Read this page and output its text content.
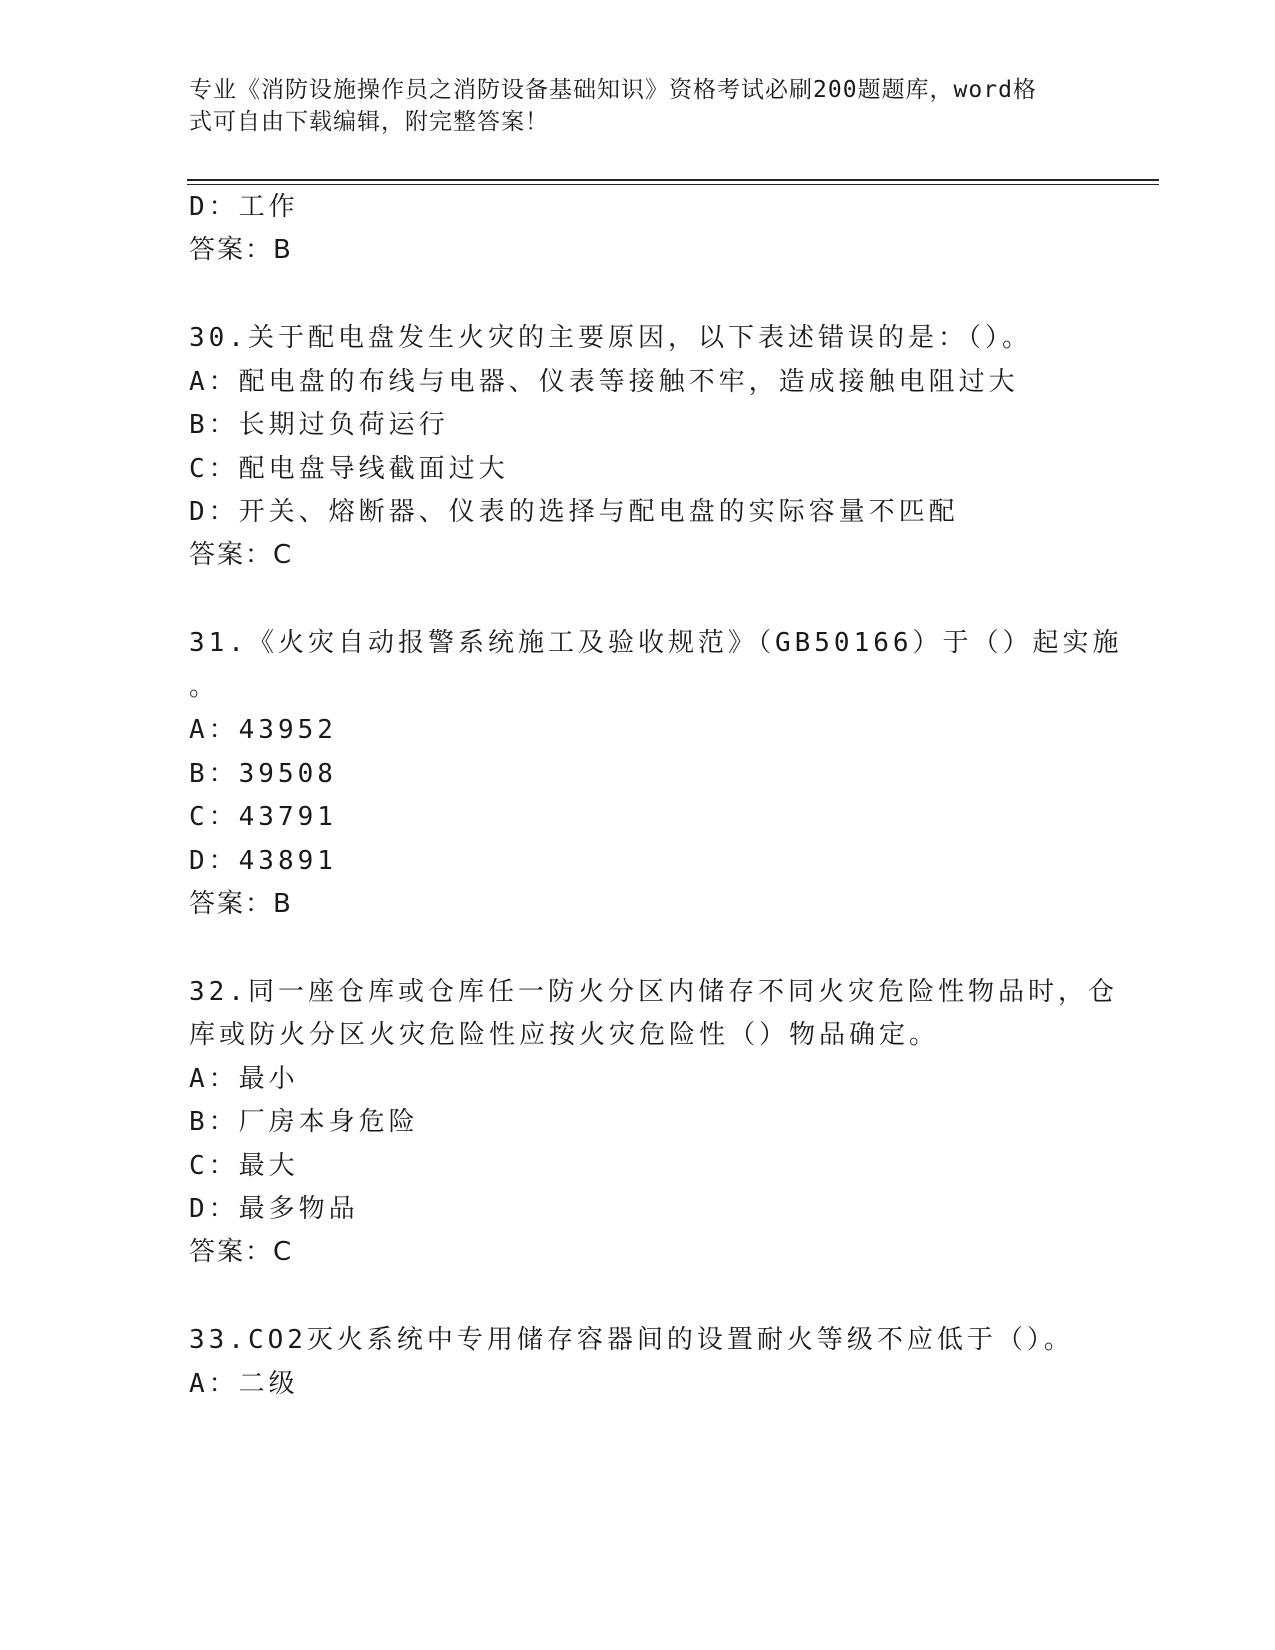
专业《消防设施操作员之消防设备基础知识》资格考试必刷200题题库，word格
式可自由下载编辑，附完整答案！
D：工作
答案：B
30.关于配电盘发生火灾的主要原因，以下表述错误的是：（）。
A：配电盘的布线与电器、仪表等接触不牢，造成接触电阻过大
B：长期过负荷运行
C：配电盘导线截面过大
D：开关、熔断器、仪表的选择与配电盘的实际容量不匹配
答案：C
31.《火灾自动报警系统施工及验收规范》（GB50166）于（）起实施
。
A：43952
B：39508
C：43791
D：43891
答案：B
32.同一座仓库或仓库任一防火分区内储存不同火灾危险性物品时，仓
库或防火分区火灾危险性应按火灾危险性（）物品确定。
A：最小
B：厂房本身危险
C：最大
D：最多物品
答案：C
33.CO2灭火系统中专用储存容器间的设置耐火等级不应低于（）。
A：二级
